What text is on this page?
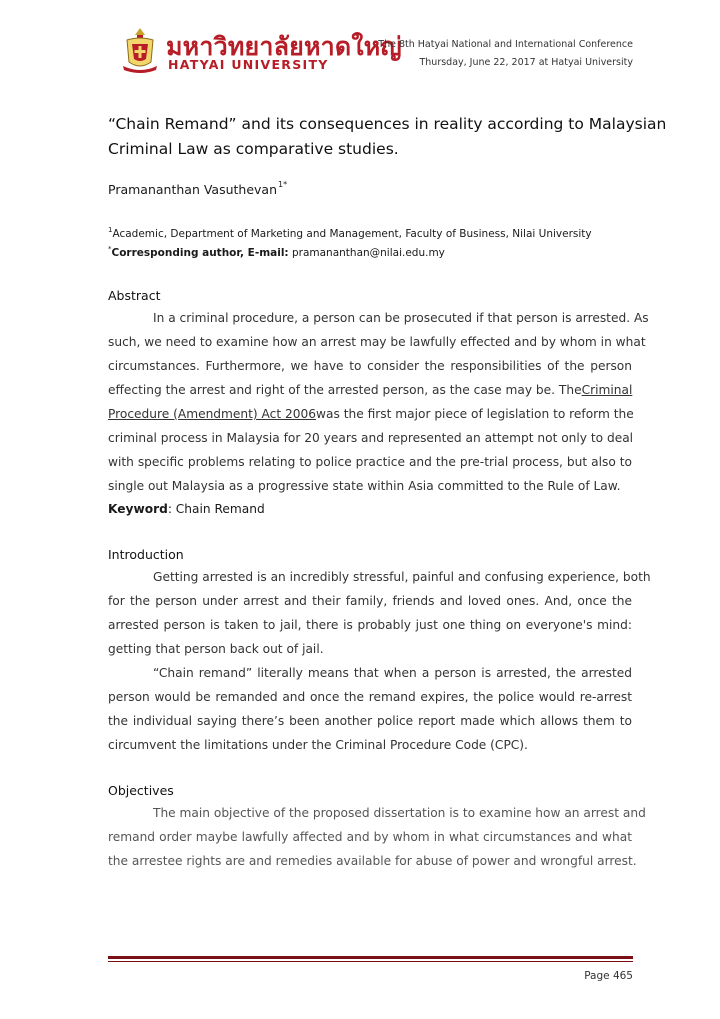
มหาวิทยาลัยหาดใหญ่
HATYAI UNIVERSITY
The 8th Hatyai National and International Conference
Thursday, June 22, 2017 at Hatyai University
“Chain Remand” and its consequences in reality according to Malaysian
Criminal Law as comparative studies.
Pramananthan Vasuthevan$^{1*}$
$^1$Academic, Department of Marketing and Management, Faculty of Business, Nilai University
*Corresponding author, E-mail: pramananthan@nilai.edu.my
Abstract
In a criminal procedure, a person can be prosecuted if that person is arrested. As
such, we need to examine how an arrest may be lawfully effected and by whom in what
circumstances. Furthermore, we have to consider the responsibilities of the person
effecting the arrest and right of the arrested person, as the case may be. The Criminal
Procedure (Amendment) Act 2006 was the first major piece of legislation to reform the
criminal process in Malaysia for 20 years and represented an attempt not only to deal
with specific problems relating to police practice and the pre-trial process, but also to
single out Malaysia as a progressive state within Asia committed to the Rule of Law.
Keyword: Chain Remand
Introduction
Getting arrested is an incredibly stressful, painful and confusing experience, both
for the person under arrest and their family, friends and loved ones. And, once the
arrested person is taken to jail, there is probably just one thing on everyone's mind:
getting that person back out of jail.
“Chain remand” literally means that when a person is arrested, the arrested
person would be remanded and once the remand expires, the police would re-arrest
the individual saying there’s been another police report made which allows them to
circumvent the limitations under the Criminal Procedure Code (CPC).
Objectives
The main objective of the proposed dissertation is to examine how an arrest and
remand order maybe lawfully affected and by whom in what circumstances and what
the arrestee rights are and remedies available for abuse of power and wrongful arrest.
Page 465
